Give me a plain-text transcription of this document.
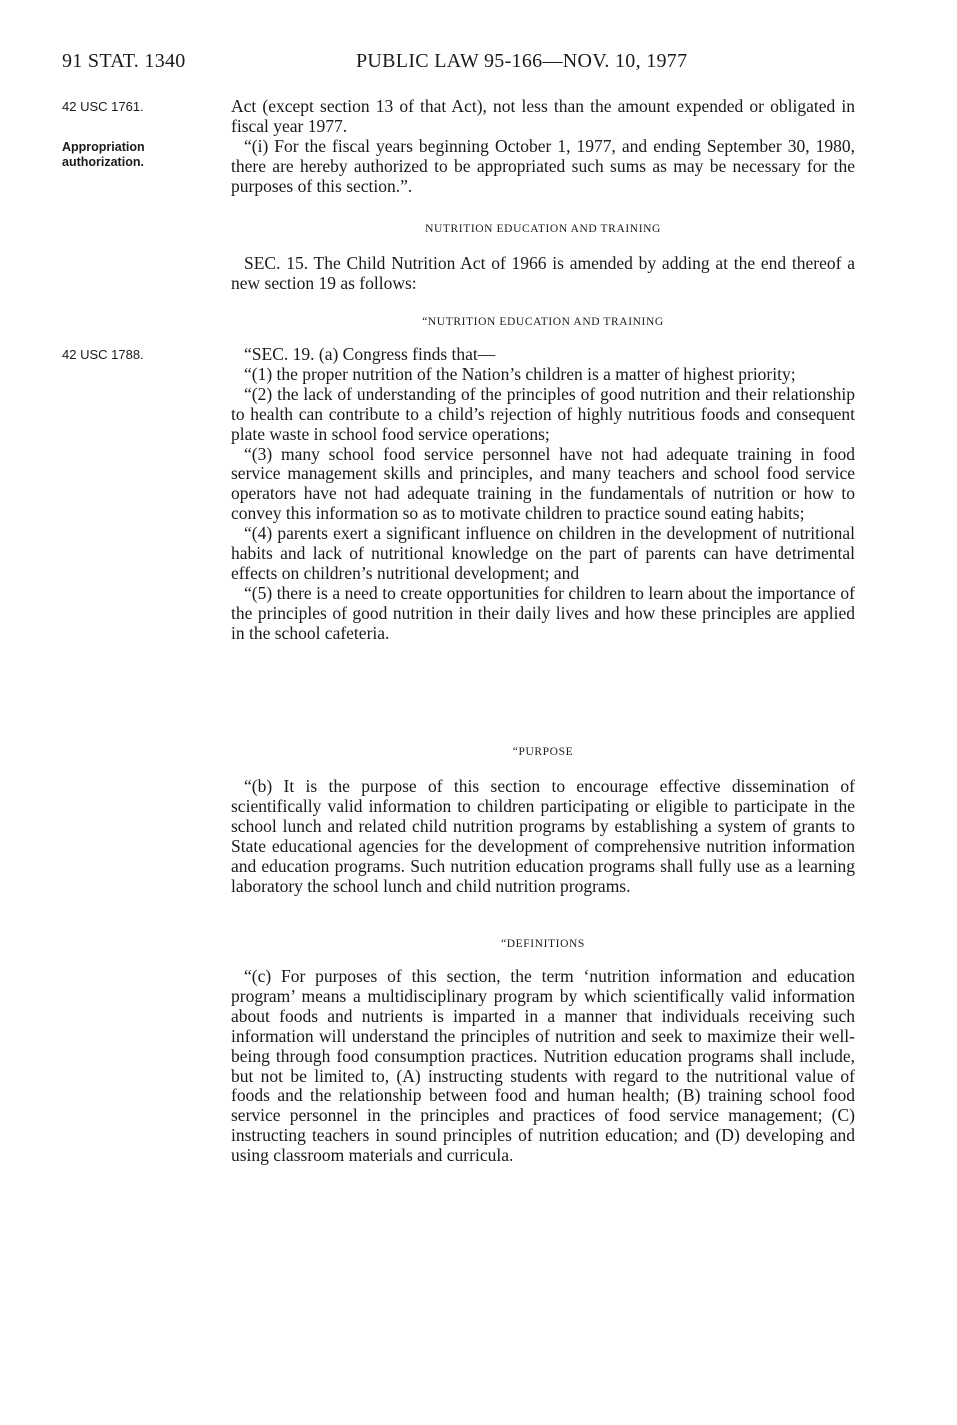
91 STAT. 1340	PUBLIC LAW 95-166—NOV. 10, 1977
42 USC 1761.
Appropriation authorization.
42 USC 1788.

Act (except section 13 of that Act), not less than the amount expended or obligated in fiscal year 1977.

“(i) For the fiscal years beginning October 1, 1977, and ending September 30, 1980, there are hereby authorized to be appropriated such sums as may be necessary for the purposes of this section.”.

NUTRITION EDUCATION AND TRAINING

SEC. 15. The Child Nutrition Act of 1966 is amended by adding at the end thereof a new section 19 as follows:

“NUTRITION EDUCATION AND TRAINING

“SEC. 19. (a) Congress finds that—

“(1) the proper nutrition of the Nation’s children is a matter of highest priority;

“(2) the lack of understanding of the principles of good nutrition and their relationship to health can contribute to a child’s rejection of highly nutritious foods and consequent plate waste in school food service operations;

“(3) many school food service personnel have not had adequate training in food service management skills and principles, and many teachers and school food service operators have not had adequate training in the fundamentals of nutrition or how to convey this information so as to motivate children to practice sound eating habits;

“(4) parents exert a significant influence on children in the development of nutritional habits and lack of nutritional knowledge on the part of parents can have detrimental effects on children’s nutritional development; and

“(5) there is a need to create opportunities for children to learn about the importance of the principles of good nutrition in their daily lives and how these principles are applied in the school cafeteria.

“PURPOSE

“(b) It is the purpose of this section to encourage effective dissemination of scientifically valid information to children participating or eligible to participate in the school lunch and related child nutrition programs by establishing a system of grants to State educational agencies for the development of comprehensive nutrition information and education programs. Such nutrition education programs shall fully use as a learning laboratory the school lunch and child nutrition programs.

“DEFINITIONS

“(c) For purposes of this section, the term ‘nutrition information and education program’ means a multidisciplinary program by which scientifically valid information about foods and nutrients is imparted in a manner that individuals receiving such information will understand the principles of nutrition and seek to maximize their well-being through food consumption practices. Nutrition education programs shall include, but not be limited to, (A) instructing students with regard to the nutritional value of foods and the relationship between food and human health; (B) training school food service personnel in the principles and practices of food service management; (C) instructing teachers in sound principles of nutrition education; and (D) developing and using classroom materials and curricula.
